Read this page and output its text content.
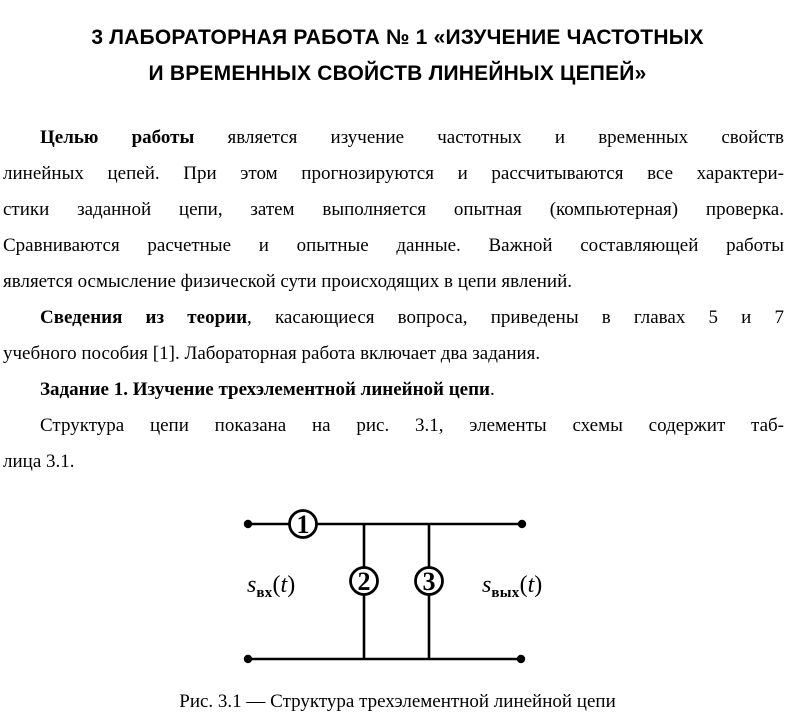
3 ЛАБОРАТОРНАЯ РАБОТА № 1 «ИЗУЧЕНИЕ ЧАСТОТНЫХ
И ВРЕМЕННЫХ СВОЙСТВ ЛИНЕЙНЫХ ЦЕПЕЙ»
Целью работы является изучение частотных и временных свойств
линейных цепей. При этом прогнозируются и рассчитываются все характери-
стики заданной цепи, затем выполняется опытная (компьютерная) проверка.
Сравниваются расчетные и опытные данные. Важной составляющей работы
является осмысление физической сути происходящих в цепи явлений.
Сведения из теории, касающиеся вопроса, приведены в главах 5 и 7
учебного пособия [1]. Лабораторная работа включает два задания.
Задание 1. Изучение трехэлементной линейной цепи.
Структура цепи показана на рис. 3.1, элементы схемы содержит таб-
лица 3.1.
1
2 3
$s_{вх}(t)$	$s_{вых}(t)$
Рис. 3.1 — Структура трехэлементной линейной цепи
